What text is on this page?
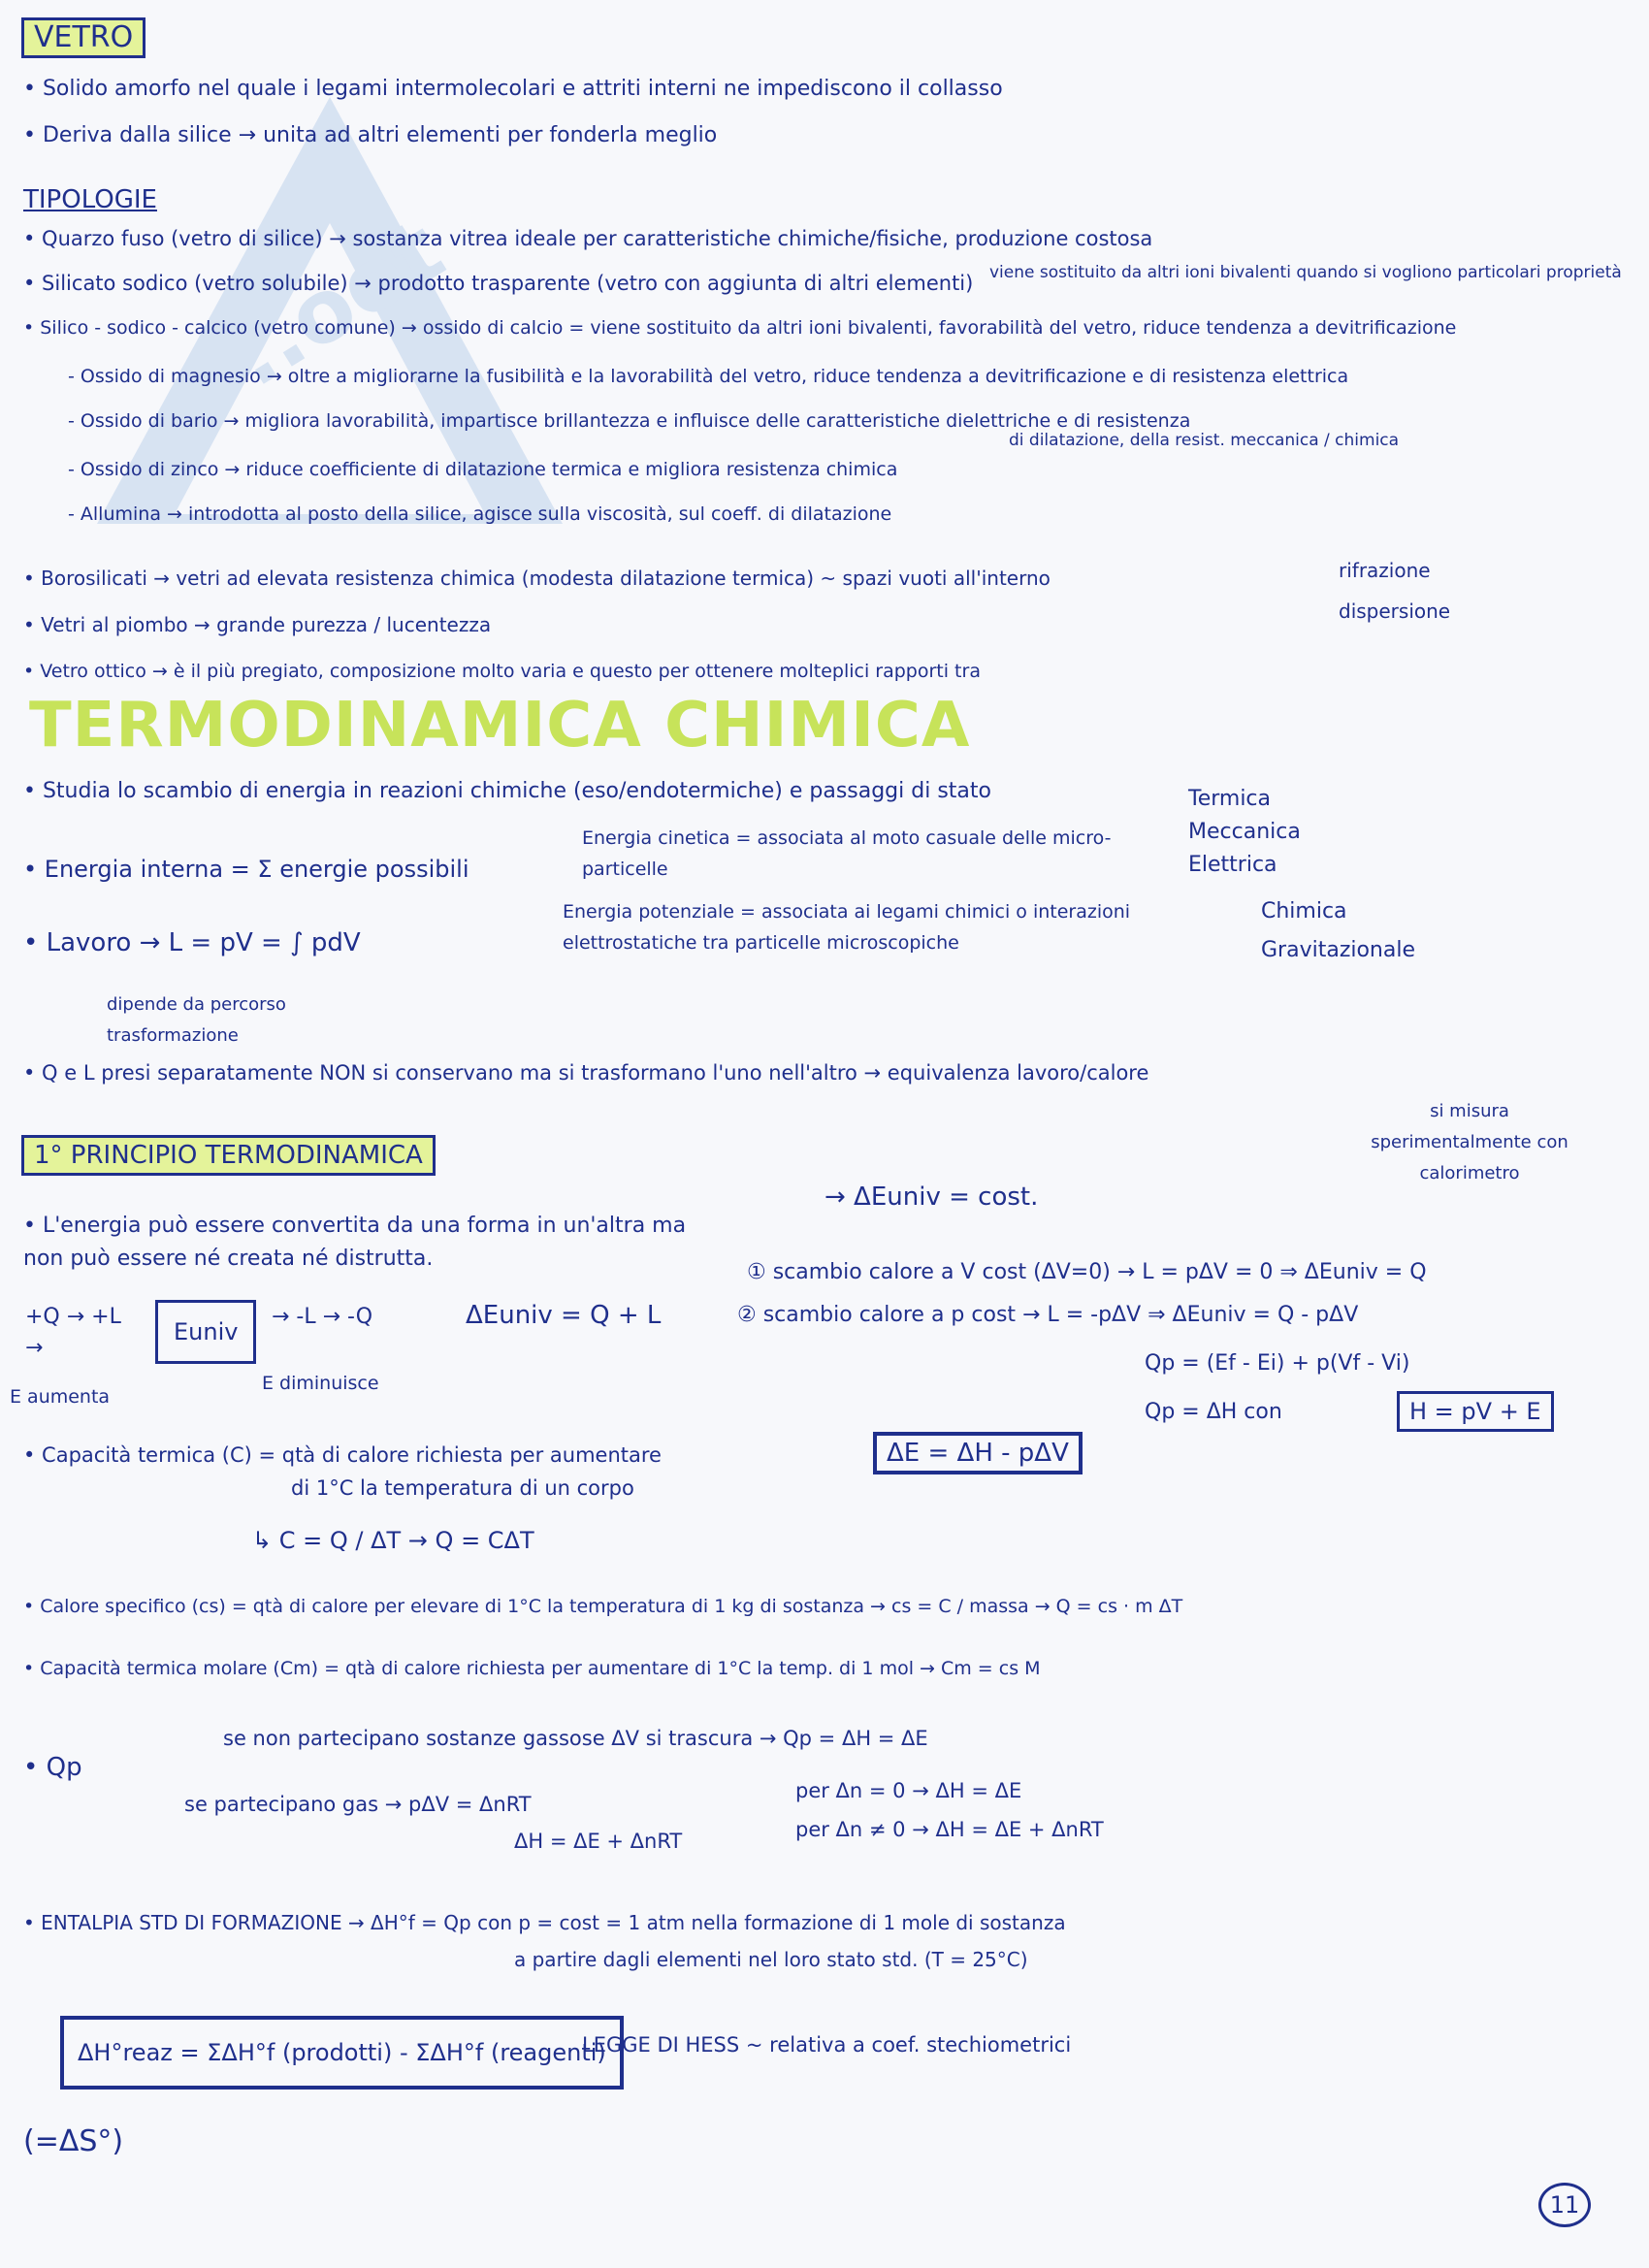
..oot
VETRO
• Solido amorfo nel quale i legami intermolecolari e attriti interni ne impediscono il collasso
• Deriva dalla silice → unita ad altri elementi per fonderla meglio
TIPOLOGIE
• Quarzo fuso (vetro di silice) → sostanza vitrea ideale per caratteristiche chimiche/fisiche, produzione costosa
• Silicato sodico (vetro solubile) → prodotto trasparente (vetro con aggiunta di altri elementi) viene sostituito da altri ioni bivalenti quando si vogliono particolari proprietà
• Silico - sodico - calcico (vetro comune) → ossido di calcio = viene sostituito da altri ioni bivalenti, favorabilità del vetro, riduce tendenza a devitrificazione
- Ossido di magnesio → oltre a migliorarne la fusibilità e la lavorabilità del vetro, riduce tendenza a devitrificazione e di resistenza elettrica
- Ossido di bario → migliora lavorabilità, impartisce brillantezza e influisce delle caratteristiche dielettriche e di resistenza
- Ossido di zinco → riduce coefficiente di dilatazione termica e migliora resistenza chimica
di dilatazione, della resist. meccanica / chimica
- Allumina → introdotta al posto della silice, agisce sulla viscosità, sul coeff. di dilatazione
• Borosilicati → vetri ad elevata resistenza chimica (modesta dilatazione termica) ~ spazi vuoti all'interno
• Vetri al piombo → grande purezza / lucentezza
• Vetro ottico → è il più pregiato, composizione molto varia e questo per ottenere molteplici rapporti tra
rifrazione
dispersione
TERMODINAMICA CHIMICA
• Studia lo scambio di energia in reazioni chimiche (eso/endotermiche) e passaggi di stato
• Energia interna = Σ energie possibili
Energia cinetica = associata al moto casuale delle micro-particelle
Termica
Meccanica
Elettrica
Energia potenziale = associata ai legami chimici o interazioni elettrostatiche tra particelle microscopiche
Chimica
Gravitazionale
• Lavoro → L = pV = ∫ pdV
dipende da percorso trasformazione
• Q e L presi separatamente NON si conservano ma si trasformano l'uno nell'altro → equivalenza lavoro/calore
1° PRINCIPIO TERMODINAMICA
si misura sperimentalmente con calorimetro
• L'energia può essere convertita da una forma in un'altra ma
non può essere né creata né distrutta.
→ ΔEuniv = cost.
+Q → +L →
Euniv
→ -L → -Q
E aumenta
E diminuisce
ΔEuniv = Q + L
① scambio calore a V cost (ΔV=0) → L = pΔV = 0 ⇒ ΔEuniv = Q
② scambio calore a p cost → L = -pΔV ⇒ ΔEuniv = Q - pΔV
Qp = (Ef - Ei) + p(Vf - Vi)
Qp = ΔH con	H = pV + E
ΔE = ΔH - pΔV
• Capacità termica (C) = qtà di calore richiesta per aumentare
di 1°C la temperatura di un corpo
↳ C = Q / ΔT → Q = CΔT
• Calore specifico (cs) = qtà di calore per elevare di 1°C la temperatura di 1 kg di sostanza → cs = C / massa → Q = cs · m ΔT
• Capacità termica molare (Cm) = qtà di calore richiesta per aumentare di 1°C la temp. di 1 mol → Cm = cs M
• Qp
se non partecipano sostanze gassose ΔV si trascura → Qp = ΔH = ΔE
se partecipano gas → pΔV = ΔnRT
ΔH = ΔE + ΔnRT
per Δn = 0 → ΔH = ΔE
per Δn ≠ 0 → ΔH = ΔE + ΔnRT
• ENTALPIA STD DI FORMAZIONE → ΔH°f = Qp con p = cost = 1 atm nella formazione di 1 mole di sostanza
a partire dagli elementi nel loro stato std. (T = 25°C)
ΔH°reaz = ΣΔH°f (prodotti) - ΣΔH°f (reagenti)
LEGGE DI HESS ~ relativa a coef. stechiometrici
(=ΔS°)
11
